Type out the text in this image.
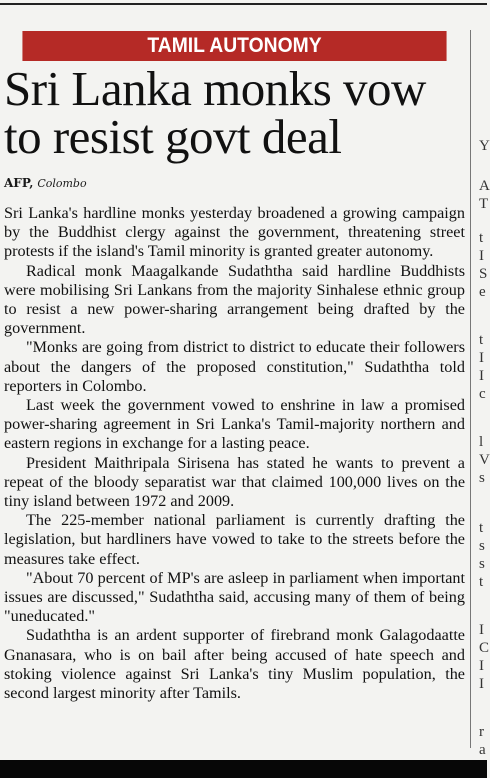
TAMIL AUTONOMY
Sri Lanka monks vow
to resist govt deal
AFP, Colombo

Sri Lanka's hardline monks yesterday broadened a growing campaign by the Buddhist clergy against the government, threatening street protests if the island's Tamil minority is granted greater autonomy.

Radical monk Maagalkande Sudaththa said hardline Buddhists were mobilising Sri Lankans from the majority Sinhalese ethnic group to resist a new power-sharing arrangement being drafted by the government.

"Monks are going from district to district to educate their followers about the dangers of the proposed constitution," Sudaththa told reporters in Colombo.

Last week the government vowed to enshrine in law a promised power-sharing agreement in Sri Lanka's Tamil-majority northern and eastern regions in exchange for a lasting peace.

President Maithripala Sirisena has stated he wants to prevent a repeat of the bloody separatist war that claimed 100,000 lives on the tiny island between 1972 and 2009.

The 225-member national parliament is currently drafting the legislation, but hardliners have vowed to take to the streets before the measures take effect.

"About 70 percent of MP's are asleep in parliament when important issues are discussed," Sudaththa said, accusing many of them of being "uneducated."

Sudaththa is an ardent supporter of firebrand monk Galagodaatte Gnanasara, who is on bail after being accused of hate speech and stoking violence against Sri Lanka's tiny Muslim population, the second largest minority after Tamils.

Y
A
T
t
I
S
e
t
I
I
c
l
V
s
t
s
s
t
I
C
I
I
r
a
